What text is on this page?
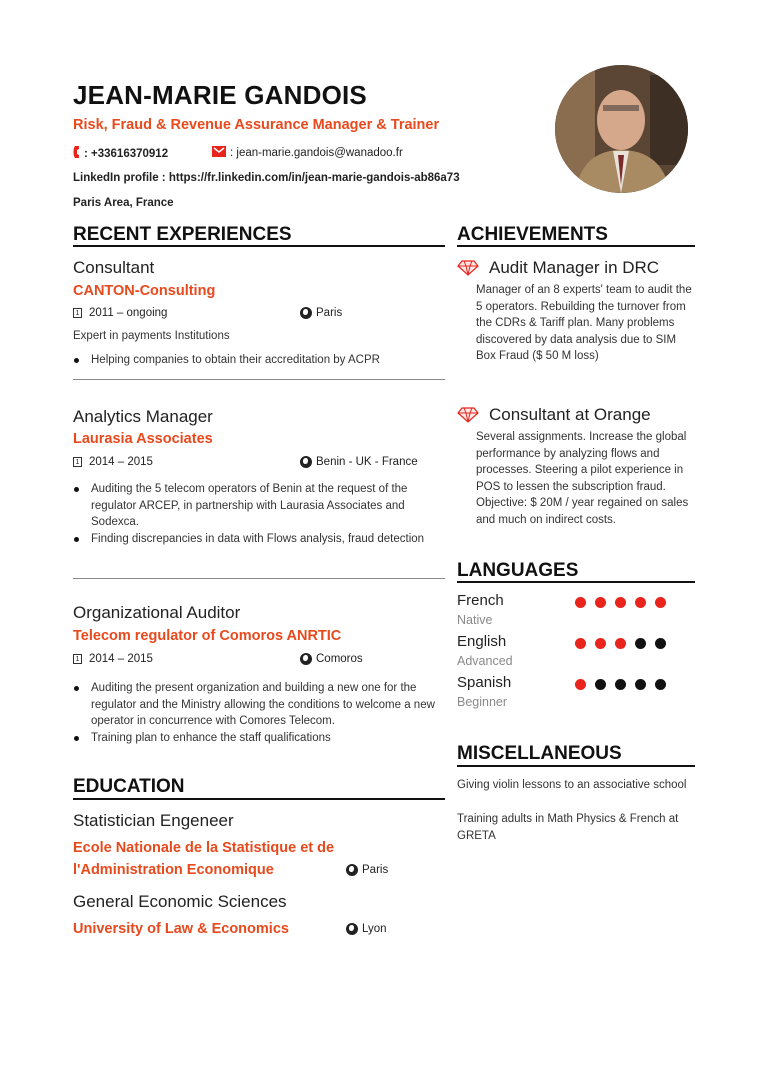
JEAN-MARIE GANDOIS
Risk, Fraud & Revenue Assurance Manager & Trainer
: +33616370912	: jean-marie.gandois@wanadoo.fr
LinkedIn profile : https://fr.linkedin.com/in/jean-marie-gandois-ab86a73
Paris Area, France
RECENT EXPERIENCES
Consultant
CANTON-Consulting
1 2011 – ongoing	Paris
Expert in payments Institutions
Helping companies to obtain their accreditation by ACPR
Analytics Manager
Laurasia Associates
1 2014 – 2015	Benin - UK - France
Auditing the 5 telecom operators of Benin at the request of the regulator ARCEP, in partnership with Laurasia Associates and Sodexca.
Finding discrepancies in data with Flows analysis, fraud detection
Organizational Auditor
Telecom regulator of Comoros ANRTIC
1 2014 – 2015	Comoros
Auditing the present organization and building a new one for the regulator and the Ministry allowing the conditions to welcome a new operator in concurrence with Comores Telecom.
Training plan to enhance the staff qualifications
EDUCATION
Statistician Engeneer
Ecole Nationale de la Statistique et de
l'Administration Economique	Paris
General Economic Sciences
University of Law & Economics	Lyon
ACHIEVEMENTS
Audit Manager in DRC
Manager of an 8 experts' team to audit the 5 operators. Rebuilding the turnover from the CDRs & Tariff plan. Many problems discovered by data analysis due to SIM Box Fraud ($ 50 M loss)
Consultant at Orange
Several assignments. Increase the global performance by analyzing flows and processes. Steering a pilot experience in POS to lessen the subscription fraud. Objective: $ 20M / year regained on sales and much on indirect costs.
LANGUAGES
French
Native
English
Advanced
Spanish
Beginner
MISCELLANEOUS
Giving violin lessons to an associative school
Training adults in Math Physics & French at GRETA
